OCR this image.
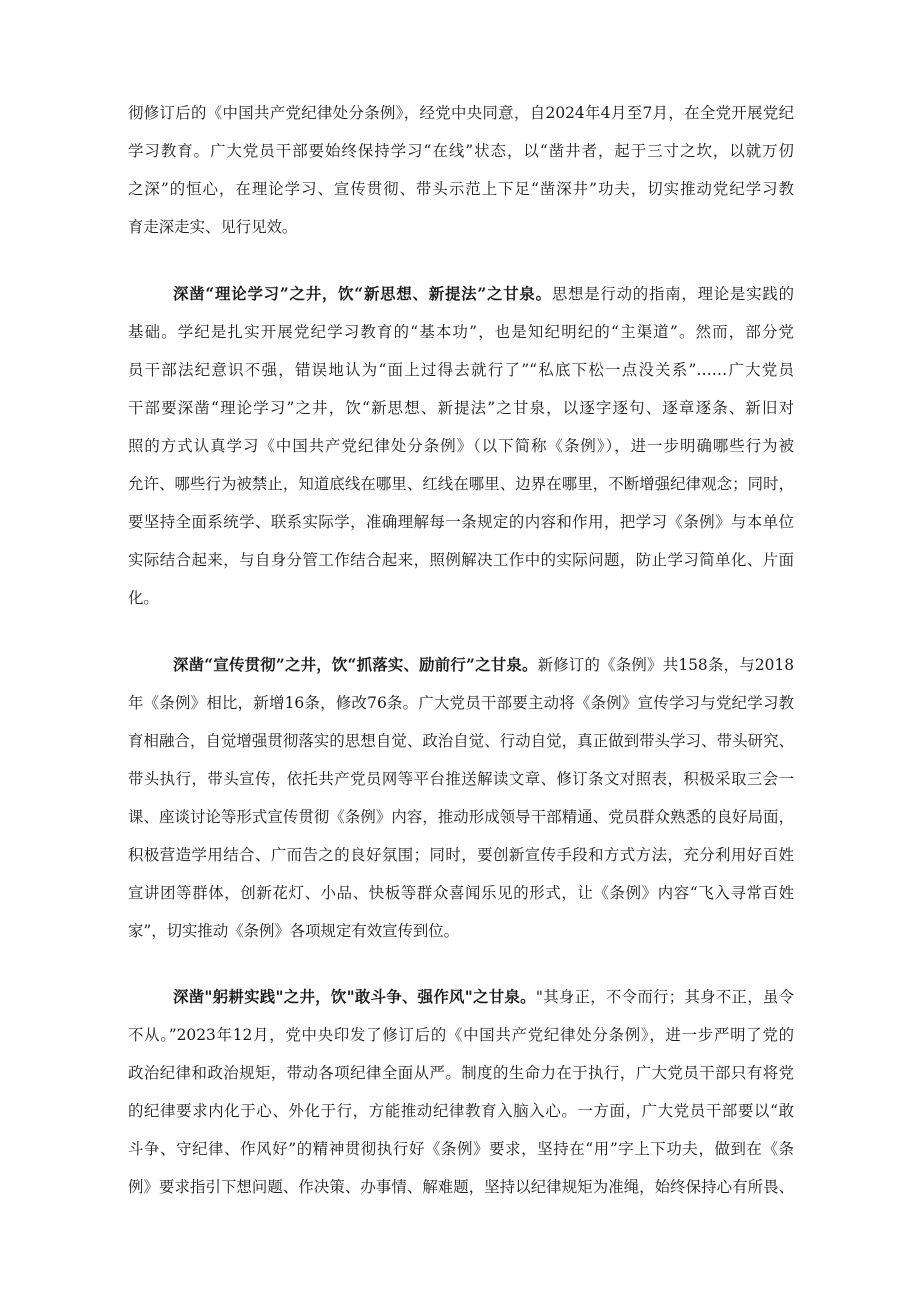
彻修订后的《中国共产党纪律处分条例》，经党中央同意，自2024年4月至7月，在全党开展党纪
学习教育。广大党员干部要始终保持学习“在线”状态，以“凿井者，起于三寸之坎，以就万仞
之深”的恒心，在理论学习、宣传贯彻、带头示范上下足“凿深井”功夫，切实推动党纪学习教
育走深走实、见行见效。
深凿“理论学习”之井，饮“新思想、新提法”之甘泉。思想是行动的指南，理论是实践的
基础。学纪是扎实开展党纪学习教育的“基本功”，也是知纪明纪的“主渠道”。然而，部分党
员干部法纪意识不强，错误地认为“面上过得去就行了”“私底下松一点没关系”……广大党员
干部要深凿“理论学习”之井，饮“新思想、新提法”之甘泉，以逐字逐句、逐章逐条、新旧对
照的方式认真学习《中国共产党纪律处分条例》（以下简称《条例》），进一步明确哪些行为被
允许、哪些行为被禁止，知道底线在哪里、红线在哪里、边界在哪里，不断增强纪律观念；同时，
要坚持全面系统学、联系实际学，准确理解每一条规定的内容和作用，把学习《条例》与本单位
实际结合起来，与自身分管工作结合起来，照例解决工作中的实际问题，防止学习简单化、片面
化。
深凿“宣传贯彻”之井，饮“抓落实、励前行”之甘泉。新修订的《条例》共158条，与2018
年《条例》相比，新增16条，修改76条。广大党员干部要主动将《条例》宣传学习与党纪学习教
育相融合，自觉增强贯彻落实的思想自觉、政治自觉、行动自觉，真正做到带头学习、带头研究、
带头执行，带头宣传，依托共产党员网等平台推送解读文章、修订条文对照表，积极采取三会一
课、座谈讨论等形式宣传贯彻《条例》内容，推动形成领导干部精通、党员群众熟悉的良好局面，
积极营造学用结合、广而告之的良好氛围；同时，要创新宣传手段和方式方法，充分利用好百姓
宣讲团等群体，创新花灯、小品、快板等群众喜闻乐见的形式，让《条例》内容“飞入寻常百姓
家”，切实推动《条例》各项规定有效宣传到位。
深凿"躬耕实践"之井，饮"敢斗争、强作风"之甘泉。"其身正，不令而行；其身不正，虽令
不从。”2023年12月，党中央印发了修订后的《中国共产党纪律处分条例》，进一步严明了党的
政治纪律和政治规矩，带动各项纪律全面从严。制度的生命力在于执行，广大党员干部只有将党
的纪律要求内化于心、外化于行，方能推动纪律教育入脑入心。一方面，广大党员干部要以“敢
斗争、守纪律、作风好”的精神贯彻执行好《条例》要求，坚持在“用”字上下功夫，做到在《条
例》要求指引下想问题、作决策、办事情、解难题，坚持以纪律规矩为准绳，始终保持心有所畏、
